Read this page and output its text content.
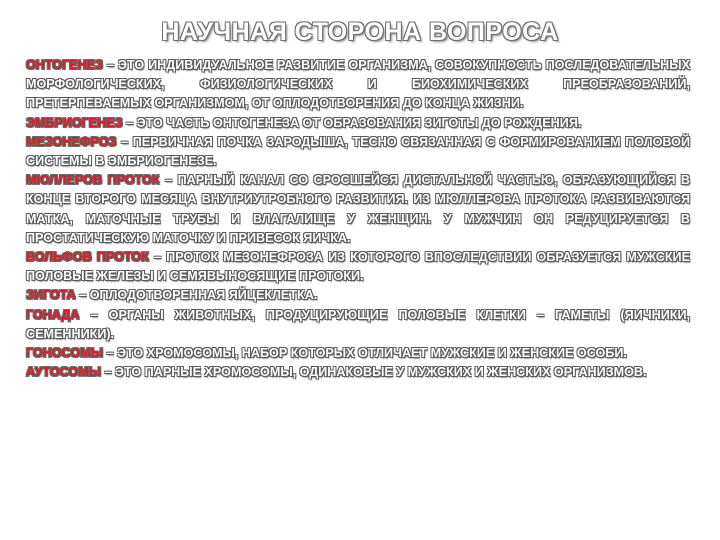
НАУЧНАЯ СТОРОНА ВОПРОСА

ОНТОГЕНЕЗ – ЭТО ИНДИВИДУАЛЬНОЕ РАЗВИТИЕ ОРГАНИЗМА, СОВОКУПНОСТЬ ПОСЛЕДОВАТЕЛЬНЫХ МОРФОЛОГИЧЕСКИХ, ФИЗИОЛОГИЧЕСКИХ И БИОХИМИЧЕСКИХ ПРЕОБРАЗОВАНИЙ, ПРЕТЕРПЕВАЕМЫХ ОРГАНИЗМОМ, ОТ ОПЛОДОТВОРЕНИЯ ДО КОНЦА ЖИЗНИ.

ЭМБРИОГЕНЕЗ – ЭТО ЧАСТЬ ОНТОГЕНЕЗА ОТ ОБРАЗОВАНИЯ ЗИГОТЫ ДО РОЖДЕНИЯ.

МЕЗОНЕФРОЗ – ПЕРВИЧНАЯ ПОЧКА ЗАРОДЫША, ТЕСНО СВЯЗАННАЯ С ФОРМИРОВАНИЕМ ПОЛОВОЙ СИСТЕМЫ В ЭМБРИОГЕНЕЗЕ.

МЮЛЛЕРОВ ПРОТОК – ПАРНЫЙ КАНАЛ СО СРОСШЕЙСЯ ДИСТАЛЬНОЙ ЧАСТЬЮ, ОБРАЗУЮЩИЙСЯ В КОНЦЕ ВТОРОГО МЕСЯЦА ВНУТРИУТРОБНОГО РАЗВИТИЯ. ИЗ МЮЛЛЕРОВА ПРОТОКА РАЗВИВАЮТСЯ МАТКА, МАТОЧНЫЕ ТРУБЫ И ВЛАГАЛИЩЕ У ЖЕНЩИН. У МУЖЧИН ОН РЕДУЦИРУЕТСЯ В ПРОСТАТИЧЕСКУЮ МАТОЧКУ И ПРИВЕСОК ЯИЧКА.

ВОЛЬФОВ ПРОТОК – ПРОТОК МЕЗОНЕФРОЗА ИЗ КОТОРОГО ВПОСЛЕДСТВИИ ОБРАЗУЕТСЯ МУЖСКИЕ ПОЛОВЫЕ ЖЕЛЕЗЫ И СЕМЯВЫНОСЯЩИЕ ПРОТОКИ.

ЗИГОТА – ОПЛОДОТВОРЕННАЯ ЯЙЦЕКЛЕТКА.

ГОНАДА – ОРГАНЫ ЖИВОТНЫХ, ПРОДУЦИРУЮЩИЕ ПОЛОВЫЕ КЛЕТКИ – ГАМЕТЫ (ЯИЧНИКИ, СЕМЕННИКИ).

ГОНОСОМЫ – ЭТО ХРОМОСОМЫ, НАБОР КОТОРЫХ ОТЛИЧАЕТ МУЖСКИЕ И ЖЕНСКИЕ ОСОБИ.

АУТОСОМЫ – ЭТО ПАРНЫЕ ХРОМОСОМЫ, ОДИНАКОВЫЕ У МУЖСКИХ И ЖЕНСКИХ ОРГАНИЗМОВ.
